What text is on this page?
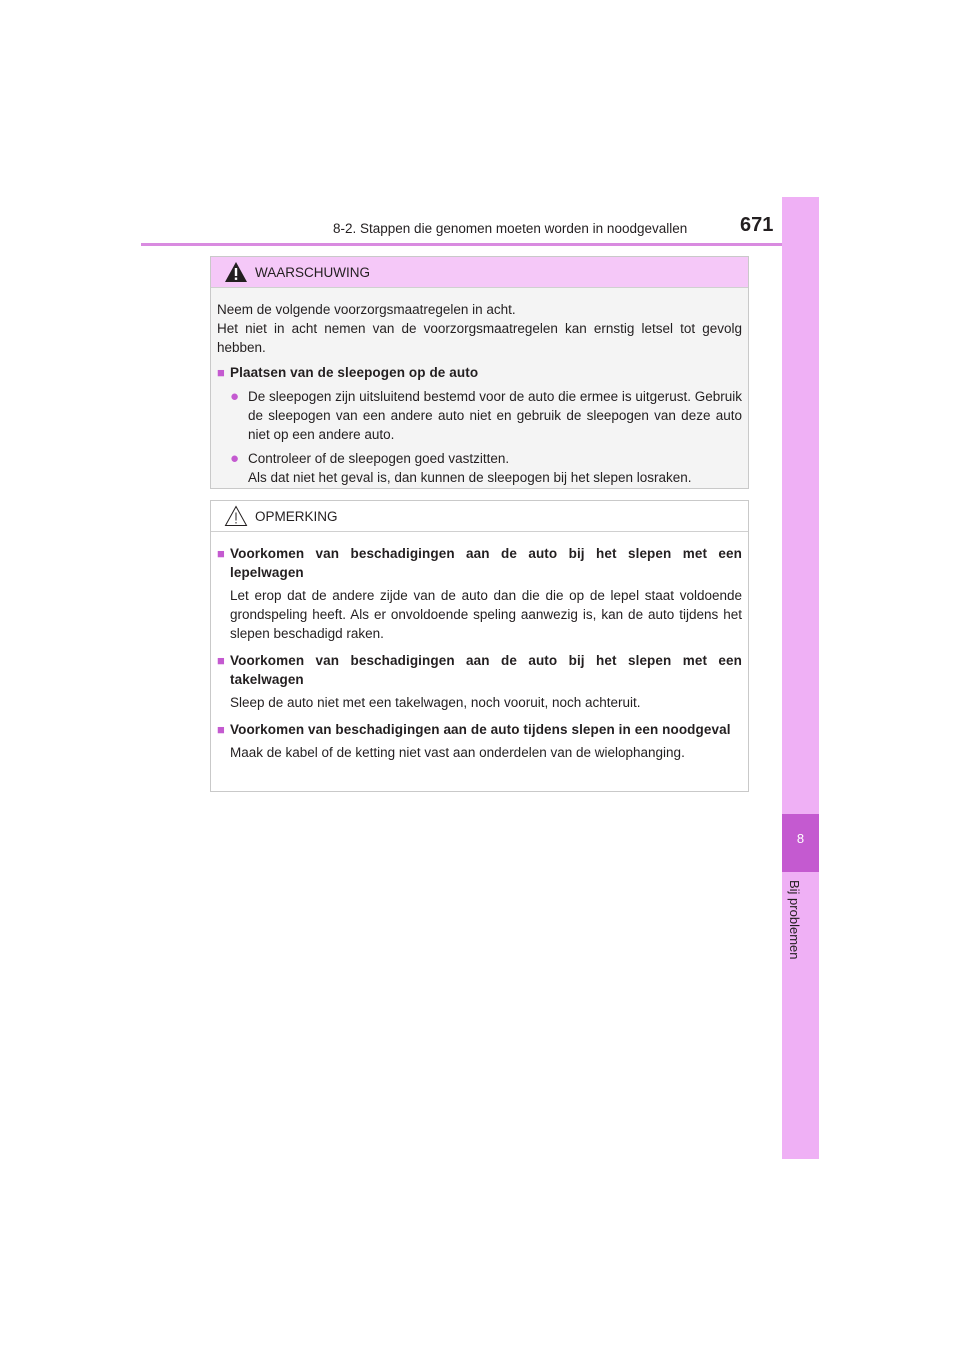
8-2. Stappen die genomen moeten worden in noodgevallen	671
8
Bij problemen
WAARSCHUWING

Neem de volgende voorzorgsmaatregelen in acht.

Het niet in acht nemen van de voorzorgsmaatregelen kan ernstig letsel tot gevolg hebben.

■ Plaatsen van de sleepogen op de auto
● De sleepogen zijn uitsluitend bestemd voor de auto die ermee is uitgerust. Gebruik de sleepogen van een andere auto niet en gebruik de sleepogen van deze auto niet op een andere auto.

● Controleer of de sleepogen goed vastzitten.

Als dat niet het geval is, dan kunnen de sleepogen bij het slepen losraken.

OPMERKING
■ Voorkomen van beschadigingen aan de auto bij het slepen met een lepelwagen

Let erop dat de andere zijde van de auto dan die die op de lepel staat voldoende grondspeling heeft. Als er onvoldoende speling aanwezig is, kan de auto tijdens het slepen beschadigd raken.

■ Voorkomen van beschadigingen aan de auto bij het slepen met een takelwagen

Sleep de auto niet met een takelwagen, noch vooruit, noch achteruit.

■ Voorkomen van beschadigingen aan de auto tijdens slepen in een noodgeval

Maak de kabel of de ketting niet vast aan onderdelen van de wielophanging.
